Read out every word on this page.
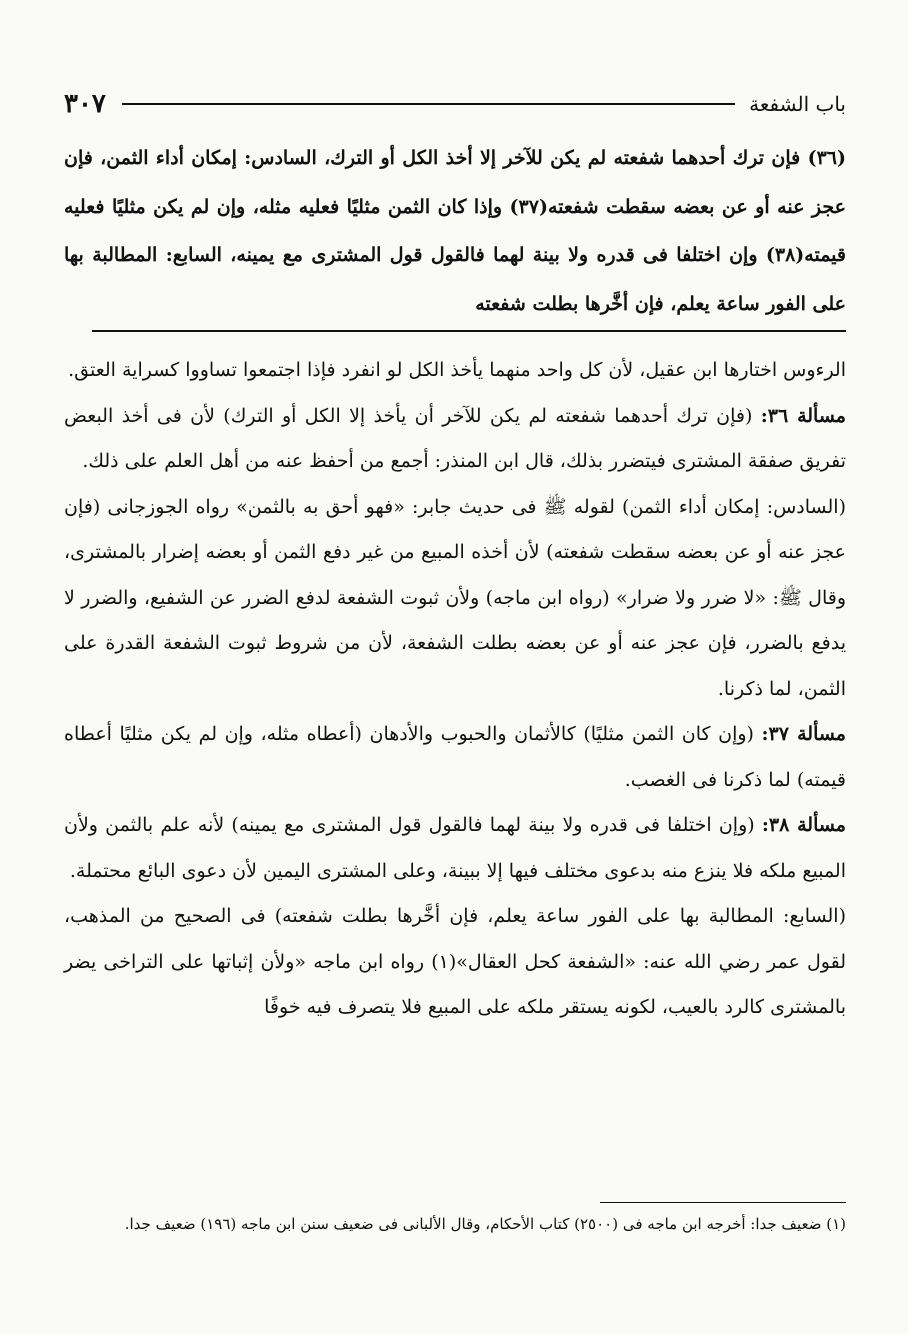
٣٠٧	باب الشفعة
(٣٦) فإن ترك أحدهما شفعته لم يكن للآخر إلا أخذ الكل أو الترك، السادس: إمكان أداء الثمن، فإن عجز عنه أو عن بعضه سقطت شفعته(٣٧) وإذا كان الثمن مثليًا فعليه مثله، وإن لم يكن مثليًا فعليه قيمته(٣٨) وإن اختلفا فى قدره ولا بينة لهما فالقول قول المشترى مع يمينه، السابع: المطالبة بها على الفور ساعة يعلم، فإن أخَّرها بطلت شفعته

الرءوس اختارها ابن عقيل، لأن كل واحد منهما يأخذ الكل لو انفرد فإذا اجتمعوا تساووا كسراية العتق.

مسألة ٣٦: (فإن ترك أحدهما شفعته لم يكن للآخر أن يأخذ إلا الكل أو الترك) لأن فى أخذ البعض تفريق صفقة المشترى فيتضرر بذلك، قال ابن المنذر: أجمع من أحفظ عنه من أهل العلم على ذلك.

(السادس: إمكان أداء الثمن) لقوله ﷺ فى حديث جابر: «فهو أحق به بالثمن» رواه الجوزجانى (فإن عجز عنه أو عن بعضه سقطت شفعته) لأن أخذه المبيع من غير دفع الثمن أو بعضه إضرار بالمشترى، وقال ﷺ: «لا ضرر ولا ضرار» (رواه ابن ماجه) ولأن ثبوت الشفعة لدفع الضرر عن الشفيع، والضرر لا يدفع بالضرر، فإن عجز عنه أو عن بعضه بطلت الشفعة، لأن من شروط ثبوت الشفعة القدرة على الثمن، لما ذكرنا.

مسألة ٣٧: (وإن كان الثمن مثليًا) كالأثمان والحبوب والأدهان (أعطاه مثله، وإن لم يكن مثليًا أعطاه قيمته) لما ذكرنا فى الغصب.

مسألة ٣٨: (وإن اختلفا فى قدره ولا بينة لهما فالقول قول المشترى مع يمينه) لأنه علم بالثمن ولأن المبيع ملكه فلا ينزع منه بدعوى مختلف فيها إلا ببينة، وعلى المشترى اليمين لأن دعوى البائع محتملة.

(السابع: المطالبة بها على الفور ساعة يعلم، فإن أخَّرها بطلت شفعته) فى الصحيح من المذهب، لقول عمر رضي الله عنه: «الشفعة كحل العقال»(١) رواه ابن ماجه «ولأن إثباتها على التراخى يضر بالمشترى كالرد بالعيب، لكونه يستقر ملكه على المبيع فلا يتصرف فيه خوفًا

(١) ضعيف جدا: أخرجه ابن ماجه فى (٢٥٠٠) كتاب الأحكام، وقال الألبانى فى ضعيف سنن ابن ماجه (١٩٦) ضعيف جدا.
